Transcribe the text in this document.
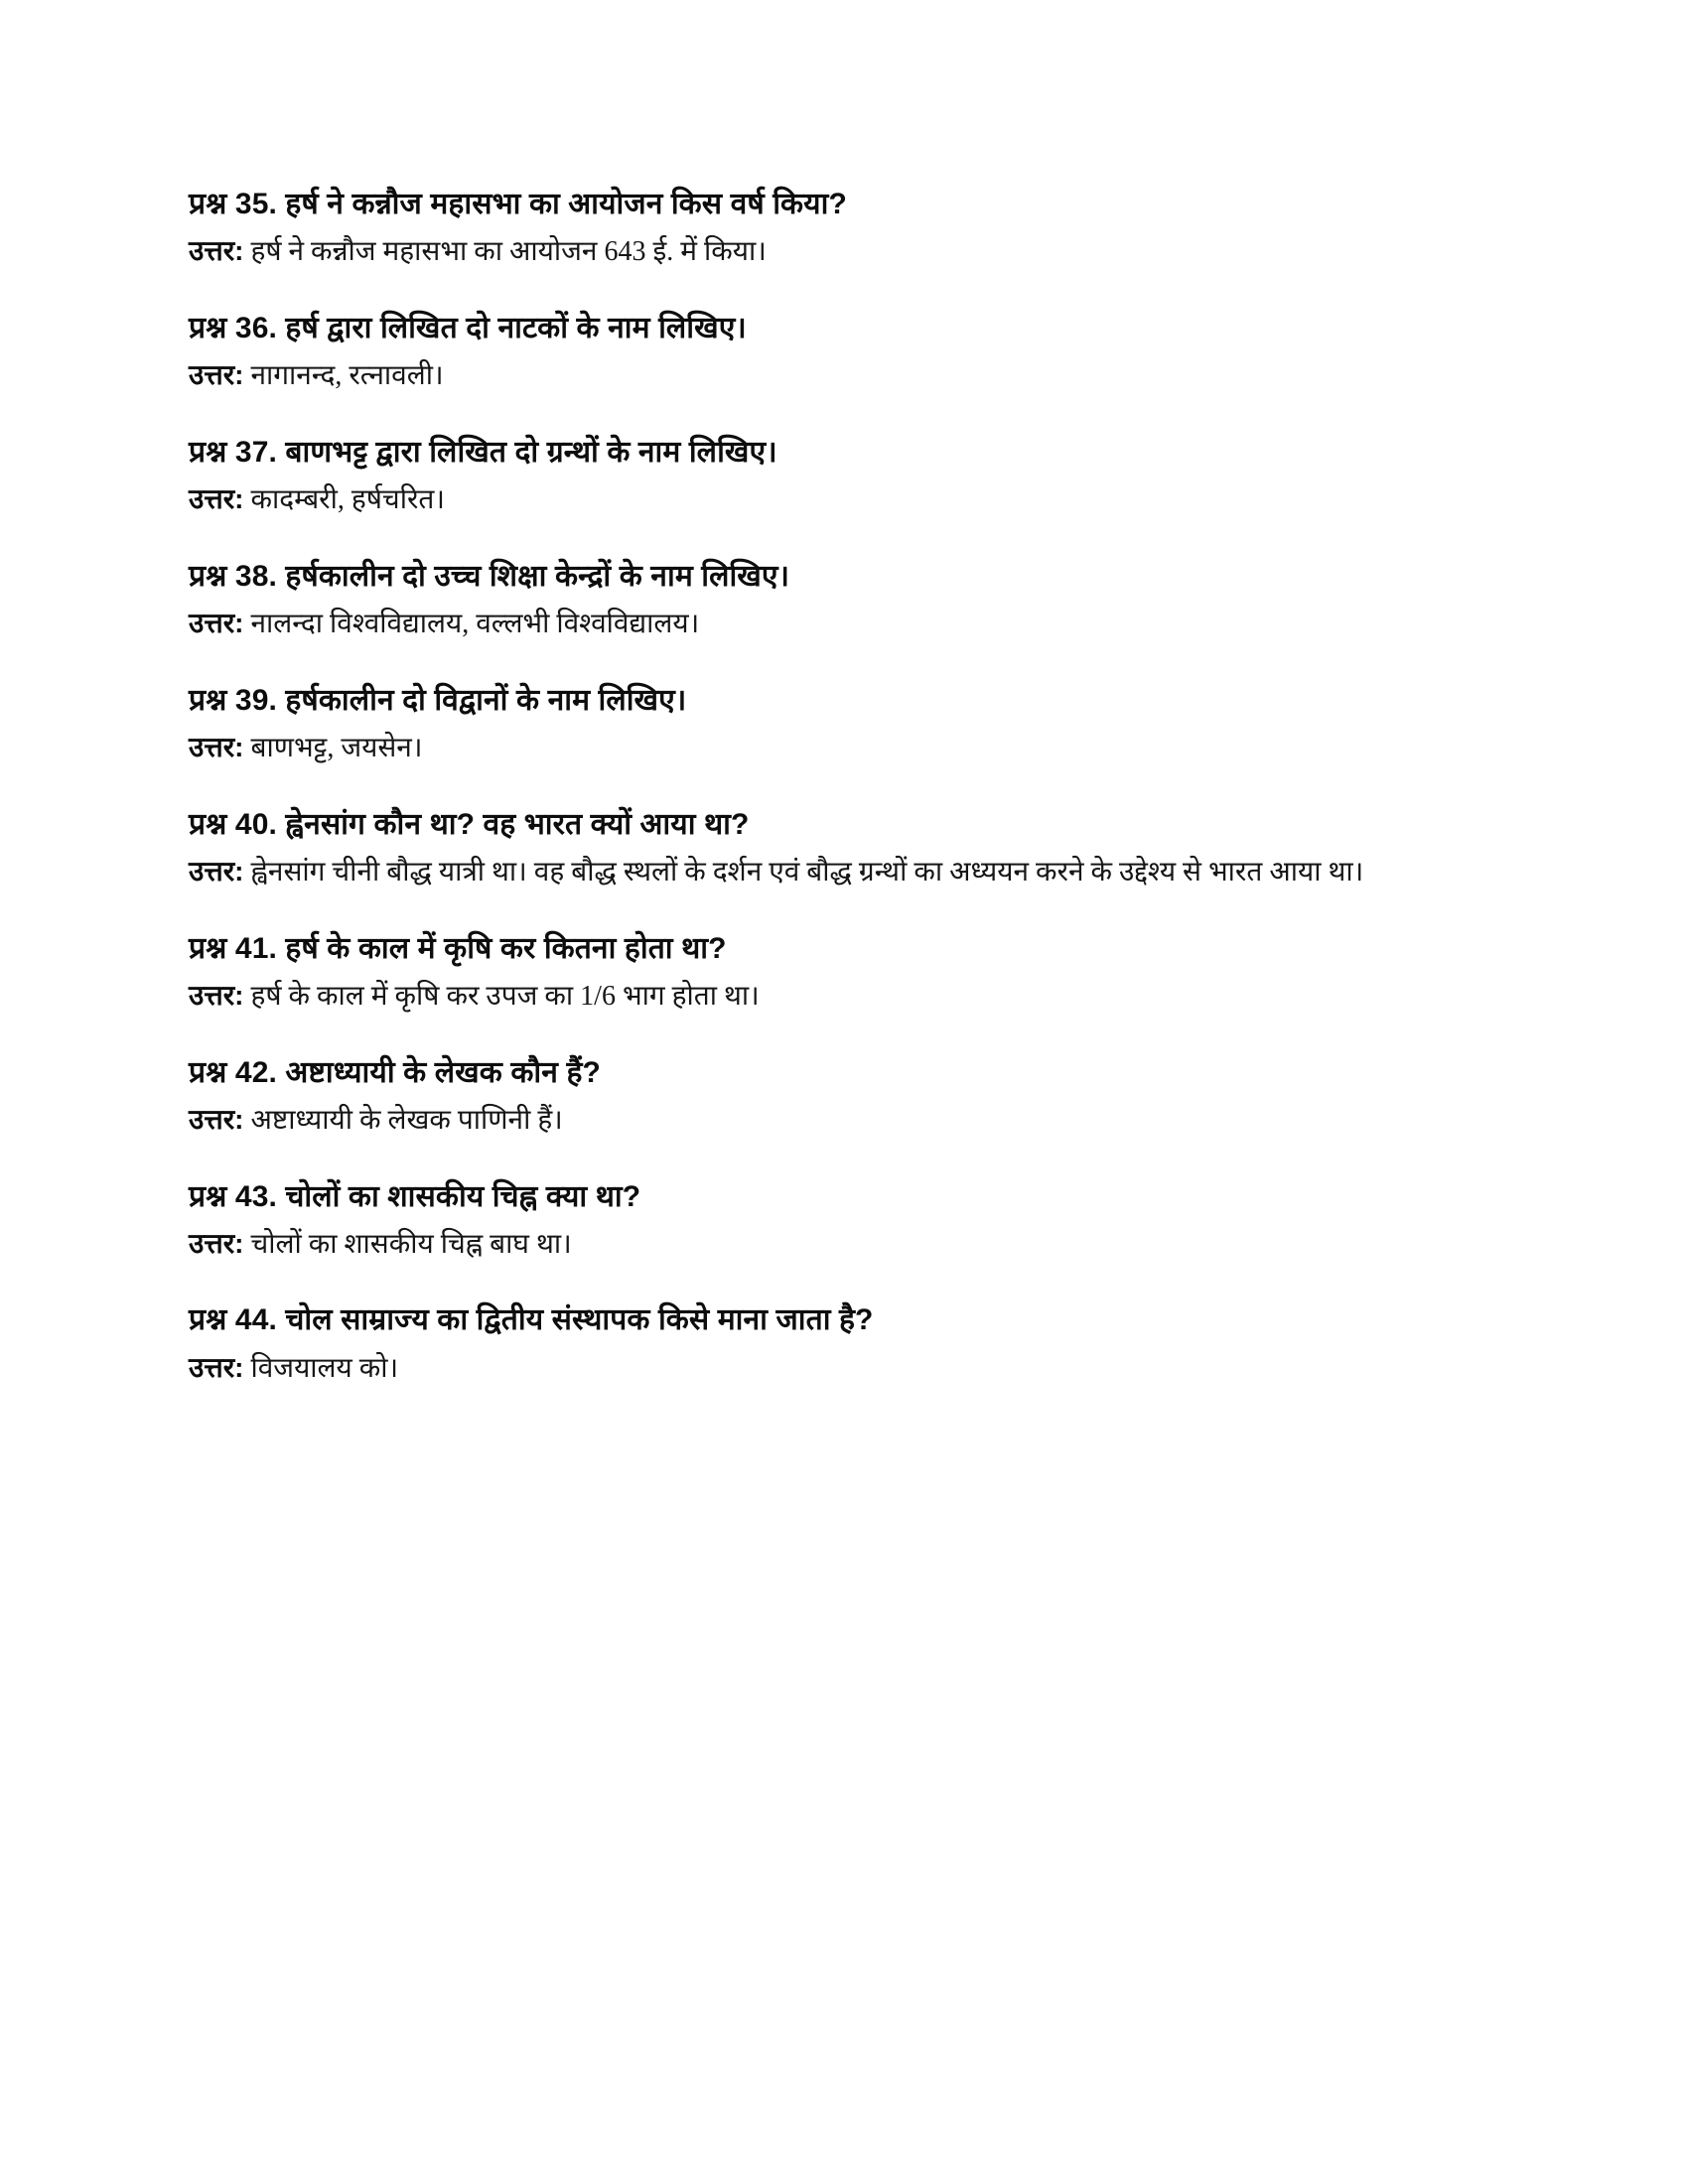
प्रश्न 35. हर्ष ने कन्नौज महासभा का आयोजन किस वर्ष किया?

उत्तर: हर्ष ने कन्नौज महासभा का आयोजन 643 ई. में किया।

प्रश्न 36. हर्ष द्वारा लिखित दो नाटकों के नाम लिखिए।

उत्तर: नागानन्द, रत्नावली।

प्रश्न 37. बाणभट्ट द्वारा लिखित दो ग्रन्थों के नाम लिखिए।

उत्तर: कादम्बरी, हर्षचरित।

प्रश्न 38. हर्षकालीन दो उच्च शिक्षा केन्द्रों के नाम लिखिए।

उत्तर: नालन्दा विश्वविद्यालय, वल्लभी विश्वविद्यालय।

प्रश्न 39. हर्षकालीन दो विद्वानों के नाम लिखिए।

उत्तर: बाणभट्ट, जयसेन।

प्रश्न 40. ह्वेनसांग कौन था? वह भारत क्यों आया था?

उत्तर: ह्वेनसांग चीनी बौद्ध यात्री था। वह बौद्ध स्थलों के दर्शन एवं बौद्ध ग्रन्थों का अध्ययन करने के उद्देश्य से भारत आया था।

प्रश्न 41. हर्ष के काल में कृषि कर कितना होता था?

उत्तर: हर्ष के काल में कृषि कर उपज का 1/6 भाग होता था।

प्रश्न 42. अष्टाध्यायी के लेखक कौन हैं?

उत्तर: अष्टाध्यायी के लेखक पाणिनी हैं।

प्रश्न 43. चोलों का शासकीय चिह्न क्या था?

उत्तर: चोलों का शासकीय चिह्न बाघ था।

प्रश्न 44. चोल साम्राज्य का द्वितीय संस्थापक किसे माना जाता है?

उत्तर: विजयालय को।
